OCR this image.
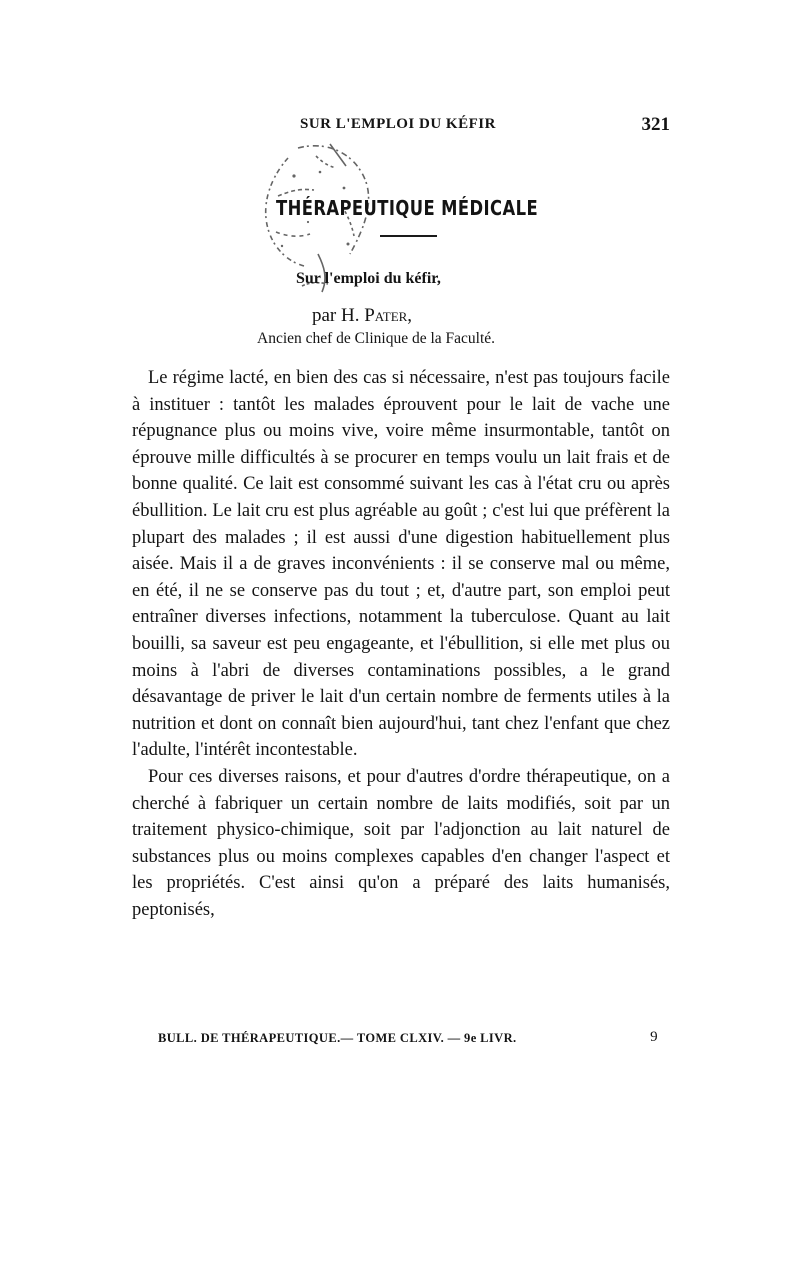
SUR L'EMPLOI DU KÉFIR	321
THÉRAPEUTIQUE MÉDICALE
Sur l'emploi du kéfir,
par H. Pater,
Ancien chef de Clinique de la Faculté.

Le régime lacté, en bien des cas si nécessaire, n'est pas toujours facile à instituer : tantôt les malades éprouvent pour le lait de vache une répugnance plus ou moins vive, voire même insurmontable, tantôt on éprouve mille difficultés à se procurer en temps voulu un lait frais et de bonne qualité. Ce lait est consommé suivant les cas à l'état cru ou après ébullition. Le lait cru est plus agréable au goût ; c'est lui que préfèrent la plupart des malades ; il est aussi d'une digestion habituellement plus aisée. Mais il a de graves inconvénients : il se conserve mal ou même, en été, il ne se conserve pas du tout ; et, d'autre part, son emploi peut entraîner diverses infections, notamment la tuberculose. Quant au lait bouilli, sa saveur est peu engageante, et l'ébullition, si elle met plus ou moins à l'abri de diverses contaminations possibles, a le grand désavantage de priver le lait d'un certain nombre de ferments utiles à la nutrition et dont on connaît bien aujourd'hui, tant chez l'enfant que chez l'adulte, l'intérêt incontestable.

Pour ces diverses raisons, et pour d'autres d'ordre thérapeutique, on a cherché à fabriquer un certain nombre de laits modifiés, soit par un traitement physico-chimique, soit par l'adjonction au lait naturel de substances plus ou moins complexes capables d'en changer l'aspect et les propriétés. C'est ainsi qu'on a préparé des laits humanisés, peptonisés,

BULL. DE THÉRAPEUTIQUE.— TOME CLXIV. — 9e LIVR.	9
